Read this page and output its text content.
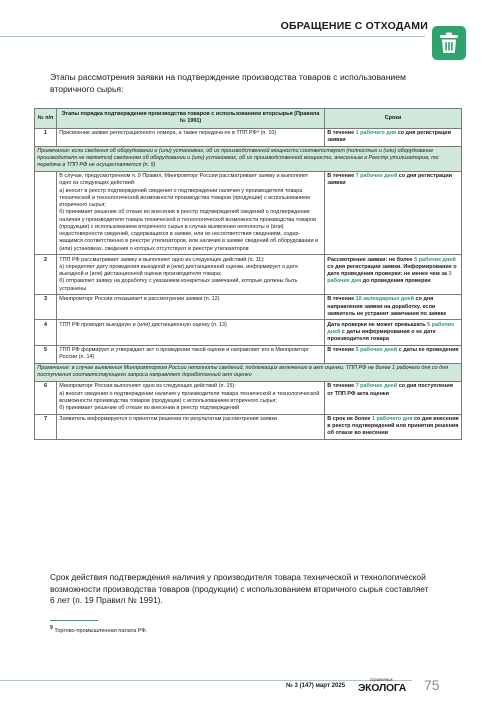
ОБРАЩЕНИЕ С ОТХОДАМИ
Этапы рассмотрения заявки на подтверждение производства товаров с использованием вторичного сырья:
№ п/п	Этапы порядка подтверждения производства товаров с использованием вторсырья (Правила № 1991)	Сроки
1	Присвоение заявке регистрационного номера, а также передача ее в ТПП РФ⁹ (п. 10)	В течение 1 рабочего дня со дня регистрации заявки
Примечание: если сведения об оборудовании и (или) установках, об их производственной мощности соответствуют (полностью и (или) оборудование производителя не является) сведениям об оборудовании и (или) установках, об их производственной мощности, внесенным в Реестр утилизаторов, то передача в ТПП РФ не осуществляется (п. 9)		

	В случае, предусмотренном п. 9 Правил, Минпромторг России рассматривает заявку и выполняет одно из следующих действий:
а) вносит в реестр подтверждений сведения о подтверждении наличия у производителя товара технической и технологической возможности производства товаров (продукции) с использованием вторичного сырья;
б) принимает решение об отказе во внесении в реестр подтверждений сведений о подтверждении наличия у производителя товара технической и технологической возможности производства товаров (продукции) с использованием вторичного сырья в случае выявления неполноты и (или) недостоверности сведений, содержащихся в заявке, или их несоответствия сведениям, содержащимся соответственно в реестре утилизаторов, или наличия в заявке сведений об оборудовании и (или) установках, сведения о которых отсутствуют в реестре утилизаторов	В течение 7 рабочих дней со дня регистрации заявки
2	ТПП РФ рассматривает заявку и выполняет одно из следующих действий (п. 11):
а) определяет дату проведения выездной и (или) дистанционной оценки, информирует о дате выездной и (или) дистанционной оценки производителя товара;
б) отправляет заявку на доработку с указанием конкретных замечаний, которые должны быть устранены	Рассмотрение заявки: не более 5 рабочих дней со дня регистрации заявки. Информирование о дате проведения проверки: не менее чем за 3 рабочих дня до проведения проверки
3	Минпромторг России отказывает в рассмотрении заявки (п. 12)	В течение 10 календарных дней со дня направления заявки на доработку, если заявитель не устранит замечания по заявке
4	ТПП РФ проводит выездную и (или) дистанционную оценку (п. 13)	Дата проверки не может превышать 5 рабочих дней с даты информирования о ее дате производителя товара
5	ТПП РФ формирует и утверждает акт о проведении такой оценки и направляет его в Минпромторг России (п. 14)	В течение 5 рабочих дней с даты ее проведения
Примечание: в случае выявления Минпромторгом России неполноты сведений, подлежащих включению в акт оценки, ТПП РФ не более 1 рабочего дня со дня поступления соответствующего запроса направляет доработанный акт оценки		
6	Минпромторг России выполняет одно из следующих действий (п. 15):
а) вносит сведения о подтверждении наличия у производителя товара технической и технологической возможности производства товаров (продукции) с использованием вторичного сырья;
б) принимает решение об отказе во внесении в реестр подтверждений	В течение 7 рабочих дней со дня поступления от ТПП РФ акта оценки
7	Заявитель информируется о принятом решении по результатам рассмотрения заявки	В срок не более 1 рабочего дня со дня внесения в реестр подтверждений или принятия решения об отказе во внесении
Срок действия подтверждения наличия у производителя товара технической и технологической возможности производства товаров (продукции) с использованием вторичного сырья составляет 6 лет (п. 19 Правил № 1991).
$^9$ Торгово-промышленная палата РФ.
№ 3 (147) март 2025
справочник
ЭКОЛОГА 75
